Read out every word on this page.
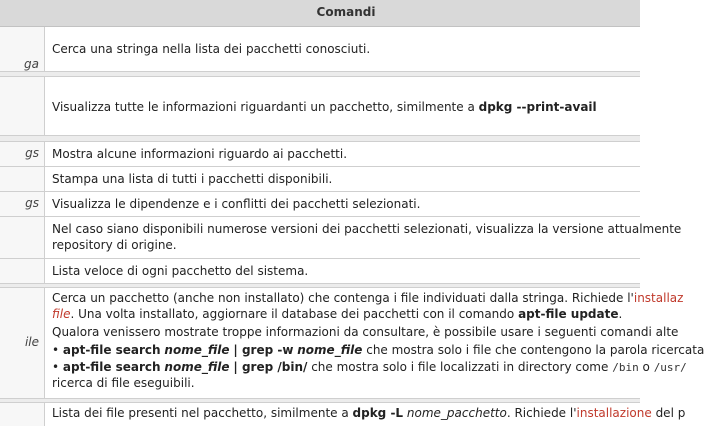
Comandi
ga
Cerca una stringa nella lista dei pacchetti conosciuti.
Visualizza tutte le informazioni riguardanti un pacchetto, similmente a dpkg --print-avail
gs Mostra alcune informazioni riguardo ai pacchetti.
Stampa una lista di tutti i pacchetti disponibili.
gs Visualizza le dipendenze e i conflitti dei pacchetti selezionati.
Nel caso siano disponibili numerose versioni dei pacchetti selezionati, visualizza la versione attualmente
repository di origine.
Lista veloce di ogni pacchetto del sistema.
ile
Cerca un pacchetto (anche non installato) che contenga i file individuati dalla stringa. Richiede l'installaz
file. Una volta installato, aggiornare il database dei pacchetti con il comando apt-file update.
Qualora venissero mostrate troppe informazioni da consultare, è possibile usare i seguenti comandi alte
• apt-file search nome_file | grep -w nome_file che mostra solo i file che contengono la parola ricercata
• apt-file search nome_file | grep /bin/ che mostra solo i file localizzati in directory come /bin o /usr/
ricerca di file eseguibili.
Lista dei file presenti nel pacchetto, similmente a dpkg -L nome_pacchetto. Richiede l'installazione del p
